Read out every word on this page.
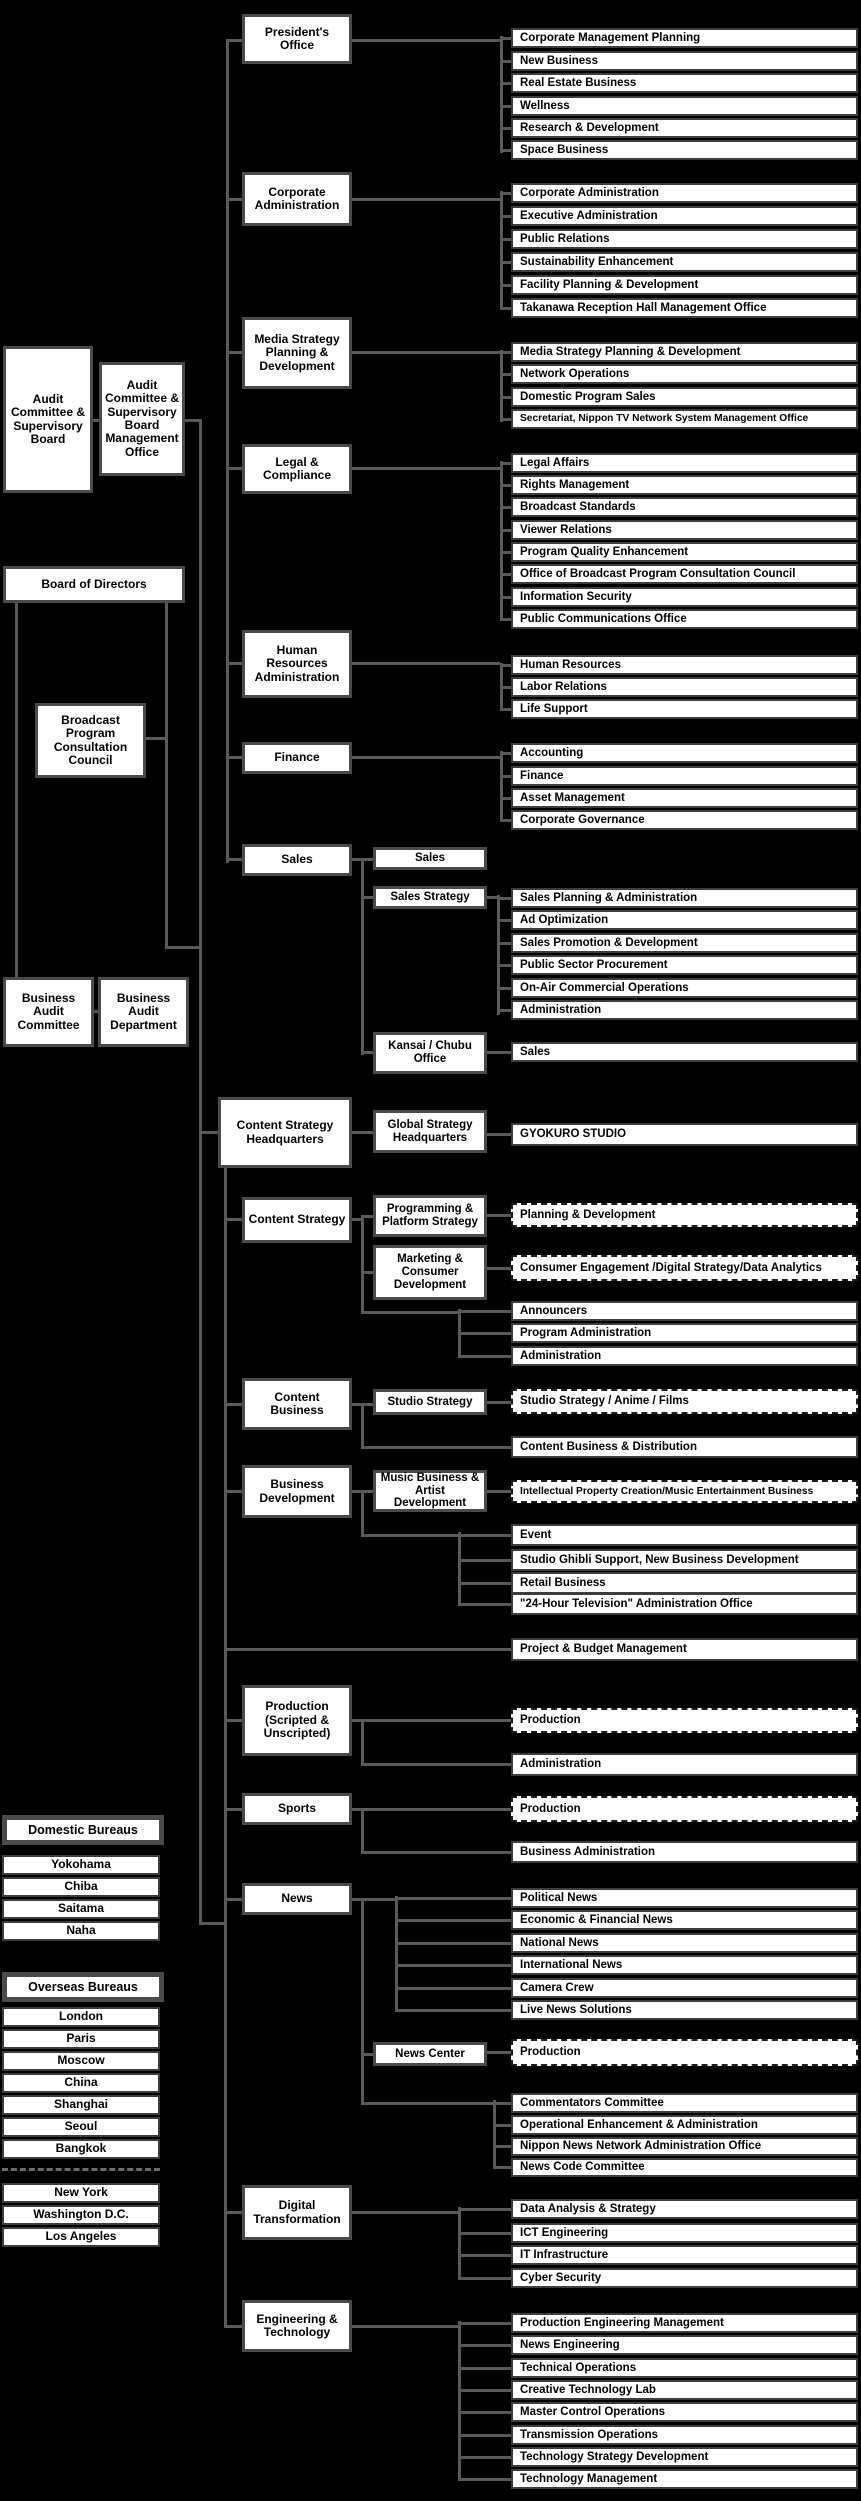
Audit Committee & Supervisory Board
Audit Committee & Supervisory Board Management Office
Board of Directors
Broadcast Program Consultation Council
Business Audit Committee
Business Audit Department
Domestic Bureaus
Yokohama
Chiba
Saitama
Naha
Overseas Bureaus
London
Paris
Moscow
China
Shanghai
Seoul
Bangkok
New York
Washington D.C.
Los Angeles
President's Office
Corporate Administration
Media Strategy Planning & Development
Legal & Compliance
Human Resources Administration
Finance
Sales
Content Strategy Headquarters
Content Strategy
Content Business
Business Development
Production (Scripted & Unscripted)
Sports
News
Digital Transformation
Engineering & Technology
Sales
Sales Strategy
Kansai / Chubu Office
Global Strategy Headquarters
Programming & Platform Strategy
Marketing & Consumer Development
Studio Strategy
Music Business & Artist Development
News Center
Corporate Management Planning
New Business
Real Estate Business
Wellness
Research & Development
Space Business
Corporate Administration
Executive Administration
Public Relations
Sustainability Enhancement
Facility Planning & Development
Takanawa Reception Hall Management Office
Media Strategy Planning & Development
Network Operations
Domestic Program Sales
Secretariat, Nippon TV Network System Management Office
Legal Affairs
Rights Management
Broadcast Standards
Viewer Relations
Program Quality Enhancement
Office of Broadcast Program Consultation Council
Information Security
Public Communications Office
Human Resources
Labor Relations
Life Support
Accounting
Finance
Asset Management
Corporate Governance
Sales Planning & Administration
Ad Optimization
Sales Promotion & Development
Public Sector Procurement
On-Air Commercial Operations
Administration
Sales
GYOKURO STUDIO
Planning & Development
Consumer Engagement /Digital Strategy/Data Analytics
Announcers
Program Administration
Administration
Studio Strategy / Anime / Films
Content Business & Distribution
Intellectual Property Creation/Music Entertainment Business
Event
Studio Ghibli Support, New Business Development
Retail Business
"24-Hour Television" Administration Office
Project & Budget Management
Production
Administration
Production
Business Administration
Political News
Economic & Financial News
National News
International News
Camera Crew
Live News Solutions
Production
Commentators Committee
Operational Enhancement & Administration
Nippon News Network Administration Office
News Code Committee
Data Analysis & Strategy
ICT Engineering
IT Infrastructure
Cyber Security
Production Engineering Management
News Engineering
Technical Operations
Creative Technology Lab
Master Control Operations
Transmission Operations
Technology Strategy Development
Technology Management
